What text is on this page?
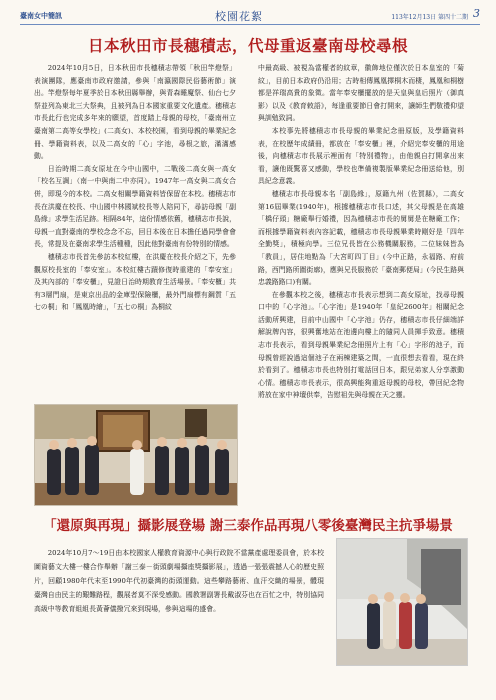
臺南女中簡訊	校園花絮	113年12月13日 第四十二期 3
日本秋田市長穗積志，代母重返臺南母校尋根

2024年10月5日，日本秋田市長穗積志帶領「秋田竿燈祭」表演團隊，應臺南市政府邀請，參與「南瀛國際民俗藝術節」演出。竿燈祭每年夏季於日本秋田縣舉辦，與青森睡魔祭、仙台七夕祭並列為東北三大祭典，且被列為日本國家重要文化遺產。穗積志市長此行也完成多年來的願望，首度踏上母親的母校，「臺南州立臺南第二高等女學校」(二高女)、本校校園，看到母親的畢業紀念冊、學籍資料表，以及二高女的「心」字池，尋根之旅，滿滿感動。

日治時期二高女原址在今中山國中，二戰後二高女與一高女「校名互調」（南一中與南二中亦同）。1947年一高女與二高女合併，即現今的本校。二高女相關學籍資料皆保留在本校。穗積志市長在洪慶在校長、中山國中林國斌校長等人陪同下，尋訪母親「副島緣」求學生活足跡。相隔84年，這份情感依舊，穗積志市長說，母親一直對臺南的學校念念不忘，回日本後在日本擔任過同學會會長，常提及在臺南求學生活種種，因此他對臺南有份特別的情感。

穗積志市長首先參訪本校紅樓，在洪慶在校長介紹之下，先參觀原校長室的「奉安室」。本校紅樓古蹟修復時重建的「奉安室」及其內部的「奉安櫃」，見證日治時期教育生活場景。「奉安櫃」共有3層門扇，是東京出品的金庫型保險櫃，最外門扇標有鋼質「五七の桐」和「鳳凰時繪」，「五七の桐」為桐紋

中最高級、被視為當權者的紋章，徽飾地位僅次於日本皇室的「菊紋」，目前日本政府仍沿用；古時相傳鳳凰擇桐木而棲，鳳凰和桐樹都是祥瑞高貴的象徵。當年奉安櫃擺放的是天皇與皇后照片（御真影）以及《教育敕語》，每逢重要節日會打開來，讓師生們敬禮仰望與訓勉致詞。

本校事先將穗積志市長母親的畢業紀念冊原版，及學籍資料表，在校歷年成績冊，都放在「奉安櫃」裡，介紹完奉安櫃的用途後，向穗積志市長展示裡面有「特別禮物」，由他親自打開拿出來看，讓他既驚喜又感動，學校也準備複製版畢業紀念冊送給他，別具紀念意義。

穗積志市長母親本名「副島緣」，原籍九州（佐賀縣），二高女第16屆畢業(1940年)，根據穗積志市長口述，其父母親是在高雄「橋仔頭」糖廠舉行婚禮，因為穗積志市長的舅舅是在糖廠工作；而根據學籍資料表內容記載，穗積志市長母親畢業時剛好是「四年全勤獎」，積極向學。三位兄長皆在公務機關服務，二位妹妹皆為「教員」，居住地點為「大宮町四丁目」(今中正路，永福路、府前路，西門路所圍街廓)，應與兄長服務於「臺南郵便局」(今民生路與忠義路路口)有關。

在參觀本校之後，穗積志市長表示想到二高女原址，找尋母親口中的「心字池」。「心字池」是1940年「皇紀2600年」相關紀念活動所興建，目前中山國中「心字池」仍存，穗積志市長仔細端詳解說牌內容，很興奮地站在池邊向樓上的隨同人員揮手致意。穗積志市長表示，看到母親畢業紀念冊照片上有「心」字形的池子，而母親曾經說過這個池子在兩棟建築之間，一直很想去看看，現在終於看到了。穗積志市長也特別打電話回日本，跟兒弟家人分享激動心情。穗積志市長表示，很高興能夠重返母親的母校，帶回紀念物將放在家中神壇供奉，告慰祖先與母親在天之靈。

「還原與再現」攝影展登場 謝三泰作品再現八零後臺灣民主抗爭場景

2024年10月7～19日由本校國家人權教育資源中心與行政院不當黨產處理委員會，於本校圖資藝文大樓一樓合作舉辦「謝三泰－街頭劇場攝座獎攝影展」，透過一張張震撼人心的歷史照片，回顧1980年代末至1990年代初臺灣的街頭運動。這些攀路藝術、血汗交織的場景，體現臺灣自由民主的艱難路程，觀展者莫不深受感動。國教署副署長戴淑芬也在百忙之中，特別協同高級中等教育組組長黃薈儀撥冗來到現場，參與這場的盛會。
